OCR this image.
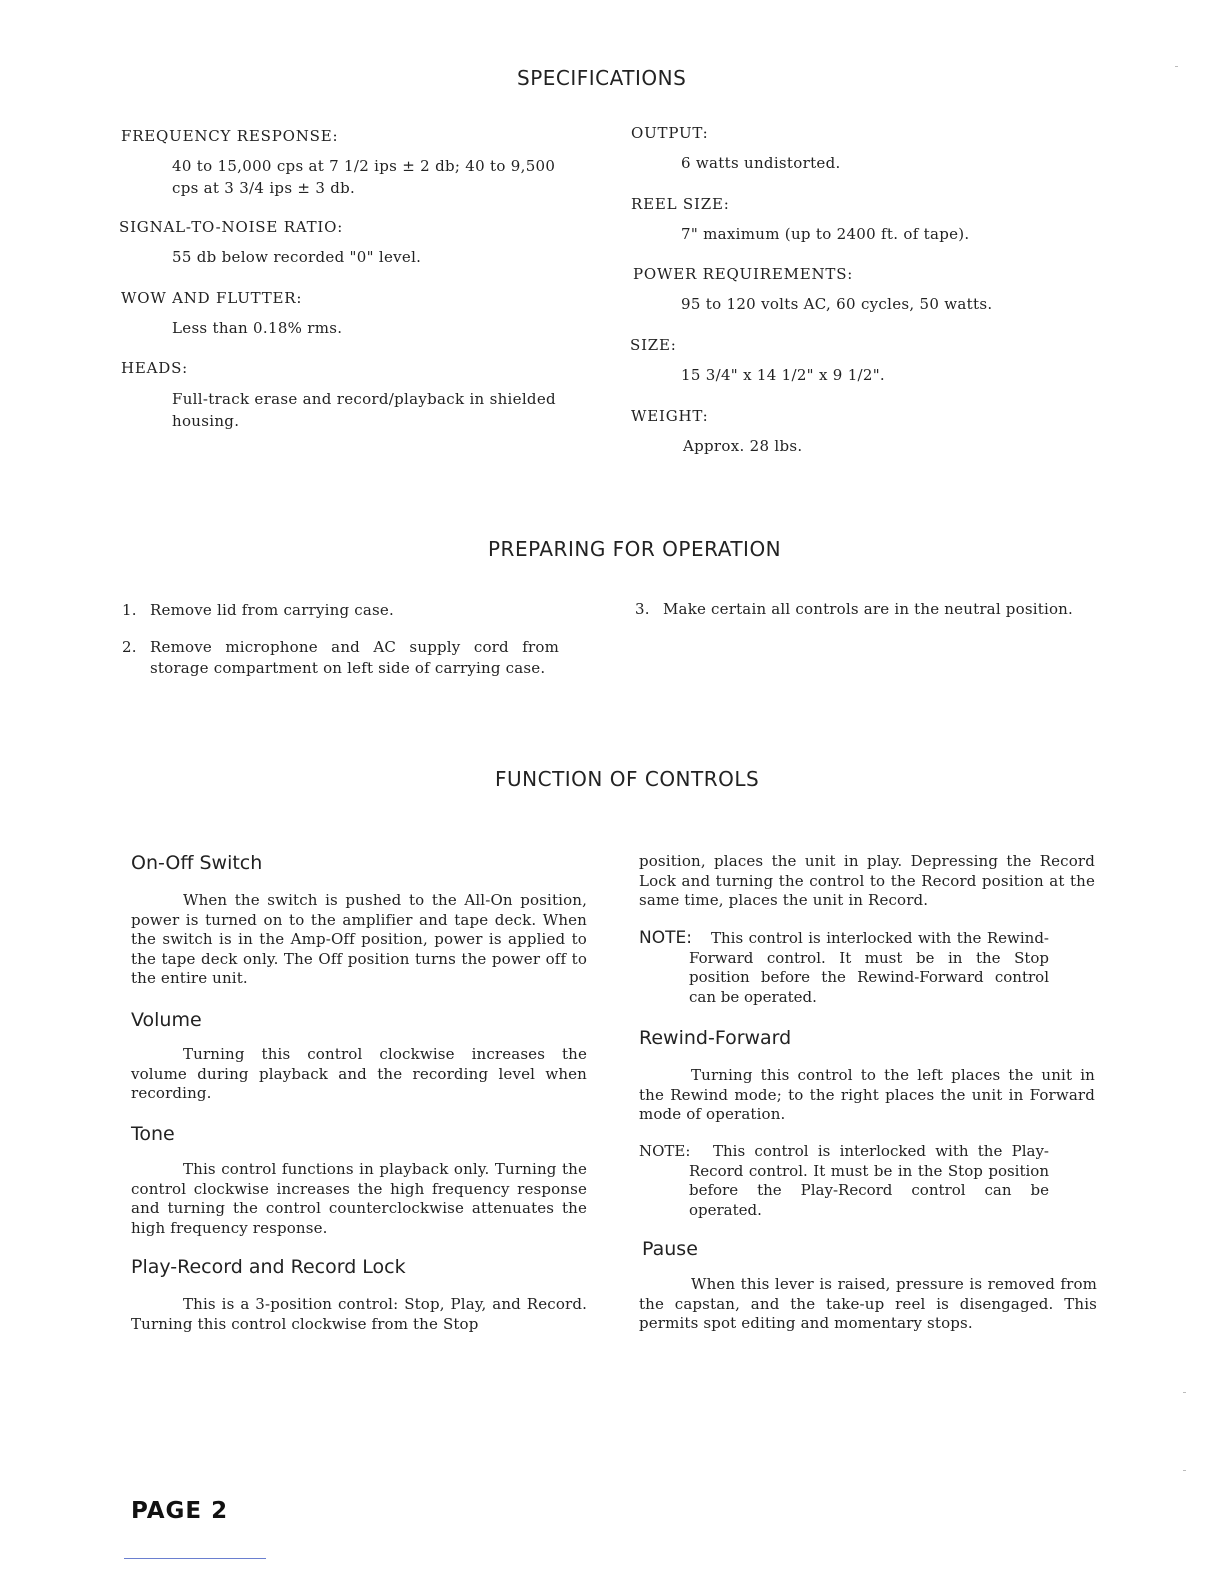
SPECIFICATIONS
FREQUENCY RESPONSE:
40 to 15,000 cps at 7 1/2 ips ± 2 db; 40 to 9,500 cps at 3 3/4 ips ± 3 db.
SIGNAL-TO-NOISE RATIO:
55 db below recorded "0" level.
WOW AND FLUTTER:
Less than 0.18% rms.
HEADS:
Full-track erase and record/playback in shielded housing.
OUTPUT:
6 watts undistorted.
REEL SIZE:
7" maximum (up to 2400 ft. of tape).
POWER REQUIREMENTS:
95 to 120 volts AC, 60 cycles, 50 watts.
SIZE:
15 3/4" x 14 1/2" x 9 1/2".
WEIGHT:
Approx. 28 lbs.
PREPARING FOR OPERATION
1. Remove lid from carrying case.
2. Remove microphone and AC supply cord from storage compartment on left side of carrying case.
3. Make certain all controls are in the neutral position.
FUNCTION OF CONTROLS
On-Off Switch
When the switch is pushed to the All-On position, power is turned on to the amplifier and tape deck. When the switch is in the Amp-Off position, power is applied to the tape deck only. The Off position turns the power off to the entire unit.
Volume
Turning this control clockwise increases the volume during playback and the recording level when recording.
Tone
This control functions in playback only. Turning the control clockwise increases the high frequency response and turning the control counterclockwise attenuates the high frequency response.
Play-Record and Record Lock
This is a 3-position control: Stop, Play, and Record. Turning this control clockwise from the Stop
position, places the unit in play. Depressing the Record Lock and turning the control to the Record position at the same time, places the unit in Record.
NOTE:	This control is interlocked with the Rewind-Forward control. It must be in the Stop position before the Rewind-Forward control can be operated.
Rewind-Forward
Turning this control to the left places the unit in the Rewind mode; to the right places the unit in Forward mode of operation.
NOTE:	This control is interlocked with the Play-Record control. It must be in the Stop position before the Play-Record control can be operated.
Pause
When this lever is raised, pressure is removed from the capstan, and the take-up reel is disengaged. This permits spot editing and momentary stops.
PAGE 2
